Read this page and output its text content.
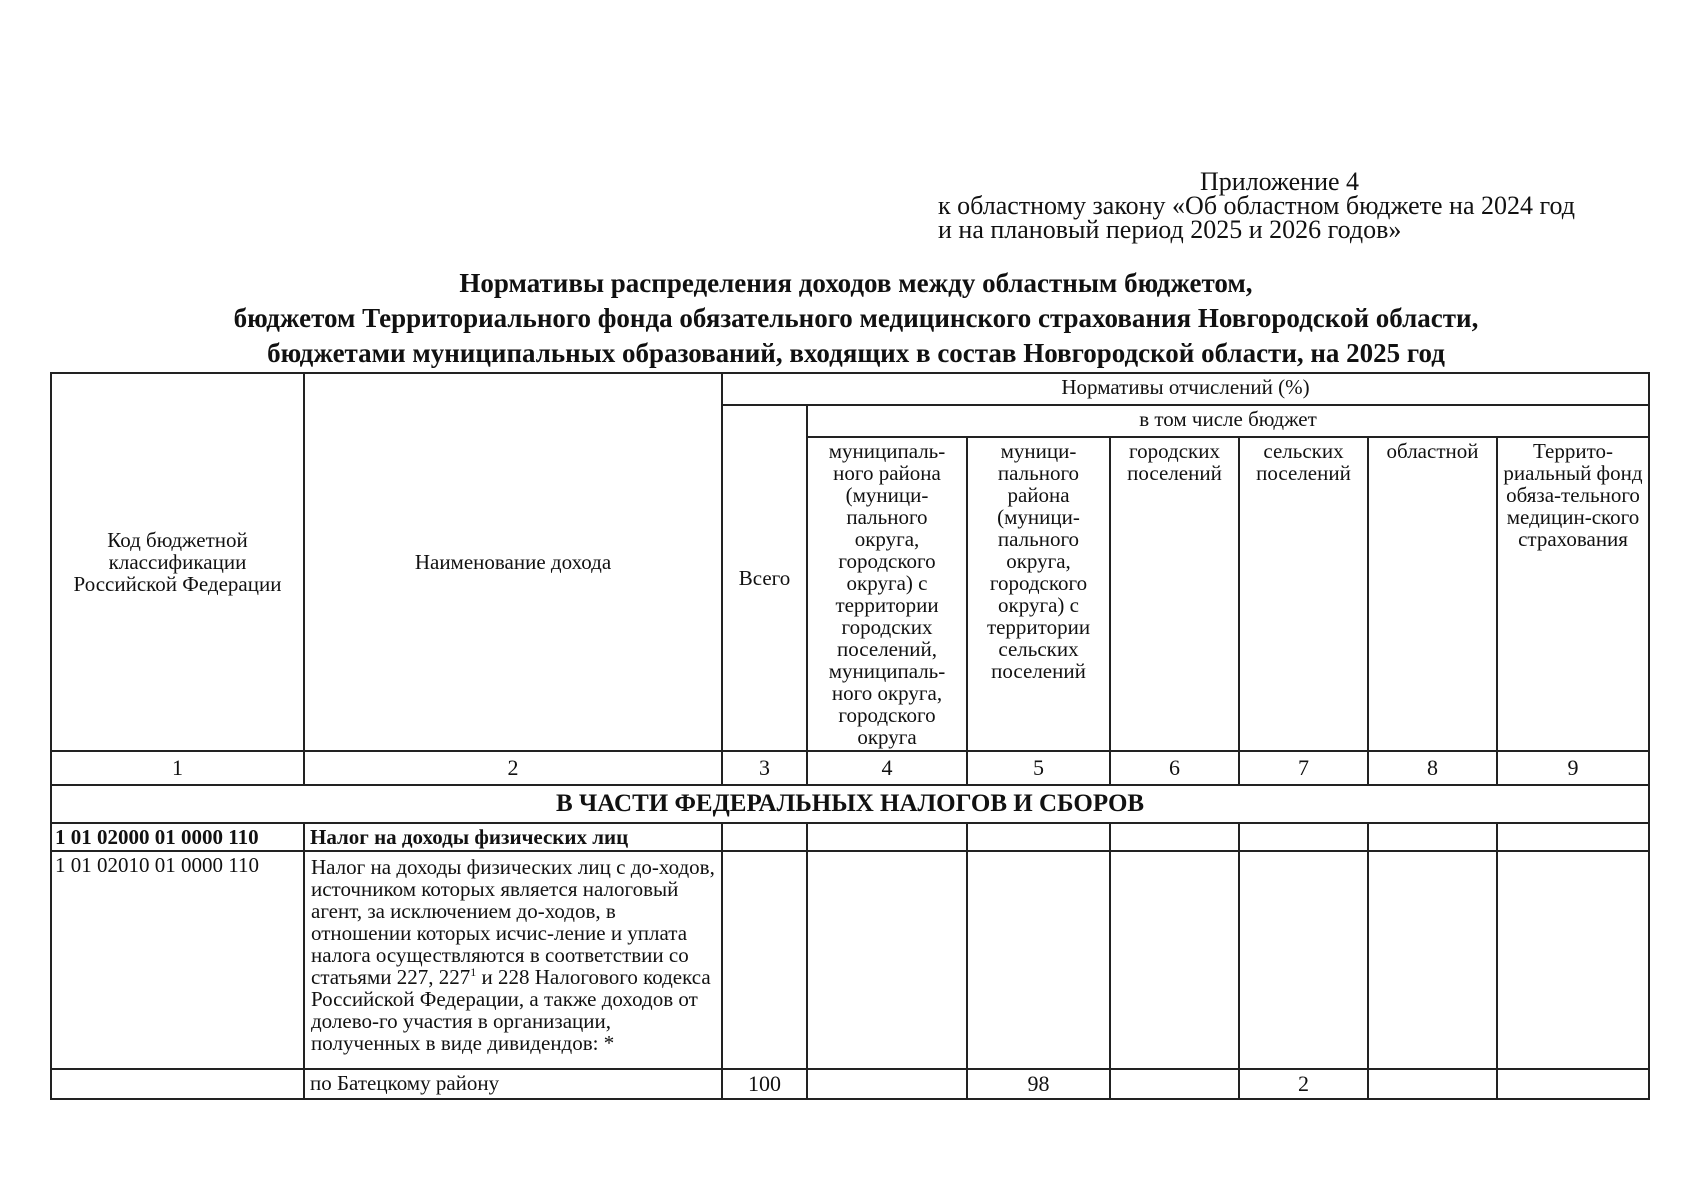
Приложение 4
к областному закону «Об областном бюджете на 2024 год
и на плановый период 2025 и 2026 годов»
Нормативы распределения доходов между областным бюджетом,
бюджетом Территориального фонда обязательного медицинского страхования Новгородской области,
бюджетами муниципальных образований, входящих в состав Новгородской области, на 2025 год
Код бюджетной классификации Российской Федерации	Наименование дохода	Нормативы отчислений (%)						
		Всего	в том числе бюджет					
			муниципаль-ного района (муници-пального округа, городского округа) с территории городских поселений, муниципаль-ного округа, городского округа	муници-пального района (муници-пального округа, городского округа) с территории сельских поселений	городских поселений	сельских поселений	областной	Террито-риальный фонд обяза-тельного медицин-ского страхования
1	2	3	4	5	6	7	8	9
В ЧАСТИ ФЕДЕРАЛЬНЫХ НАЛОГОВ И СБОРОВ								
1 01 02000 01 0000 110	Налог на доходы физических лиц							
1 01 02010 01 0000 110	Налог на доходы физических лиц с до-ходов, источником которых является налоговый агент, за исключением до-ходов, в отношении которых исчис-ление и уплата налога осуществляются в соответствии со статьями 227, $227^1$ и 228 Налогового кодекса Российской Федерации, а также доходов от долево-го участия в организации, полученных в виде дивидендов: *							
	по Батецкому району	100		98		2		
